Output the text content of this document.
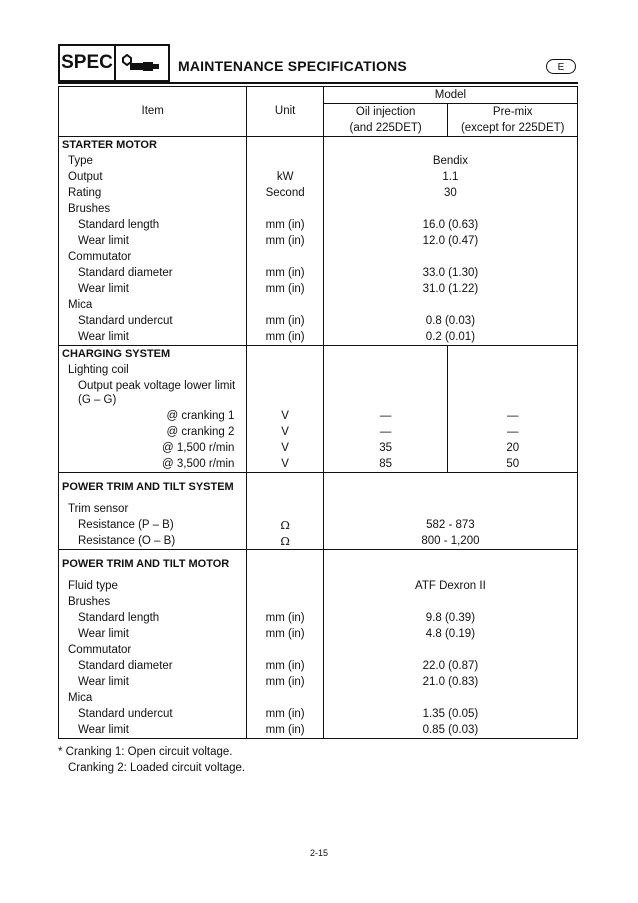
SPEC	MAINTENANCE SPECIFICATIONS	E
Item	Unit	Model	
		Oil injection	Pre-mix
		(and 225DET)	(except for 225DET)
STARTER MOTOR			
Type		Bendix	
Output	kW	1.1	
Rating	Second	30	
Brushes			
Standard length	mm (in)	16.0 (0.63)	
Wear limit	mm (in)	12.0 (0.47)	
Commutator			
Standard diameter	mm (in)	33.0 (1.30)	
Wear limit	mm (in)	31.0 (1.22)	
Mica			
Standard undercut	mm (in)	0.8 (0.03)	
Wear limit	mm (in)	0.2 (0.01)	
CHARGING SYSTEM			
Lighting coil			
Output peak voltage lower limit (G – G)			
@ cranking 1	V	—	—
@ cranking 2	V	—	—
@ 1,500 r/min	V	35	20
@ 3,500 r/min	V	85	50
POWER TRIM AND TILT SYSTEM			
Trim sensor			
Resistance (P – B)	Ω	582 - 873	
Resistance (O – B)	Ω	800 - 1,200	
POWER TRIM AND TILT MOTOR			
Fluid type		ATF Dexron II	
Brushes			
Standard length	mm (in)	9.8 (0.39)	
Wear limit	mm (in)	4.8 (0.19)	
Commutator			
Standard diameter	mm (in)	22.0 (0.87)	
Wear limit	mm (in)	21.0 (0.83)	
Mica			
Standard undercut	mm (in)	1.35 (0.05)	
Wear limit	mm (in)	0.85 (0.03)	
* Cranking 1: Open circuit voltage.
Cranking 2: Loaded circuit voltage.
2-15
